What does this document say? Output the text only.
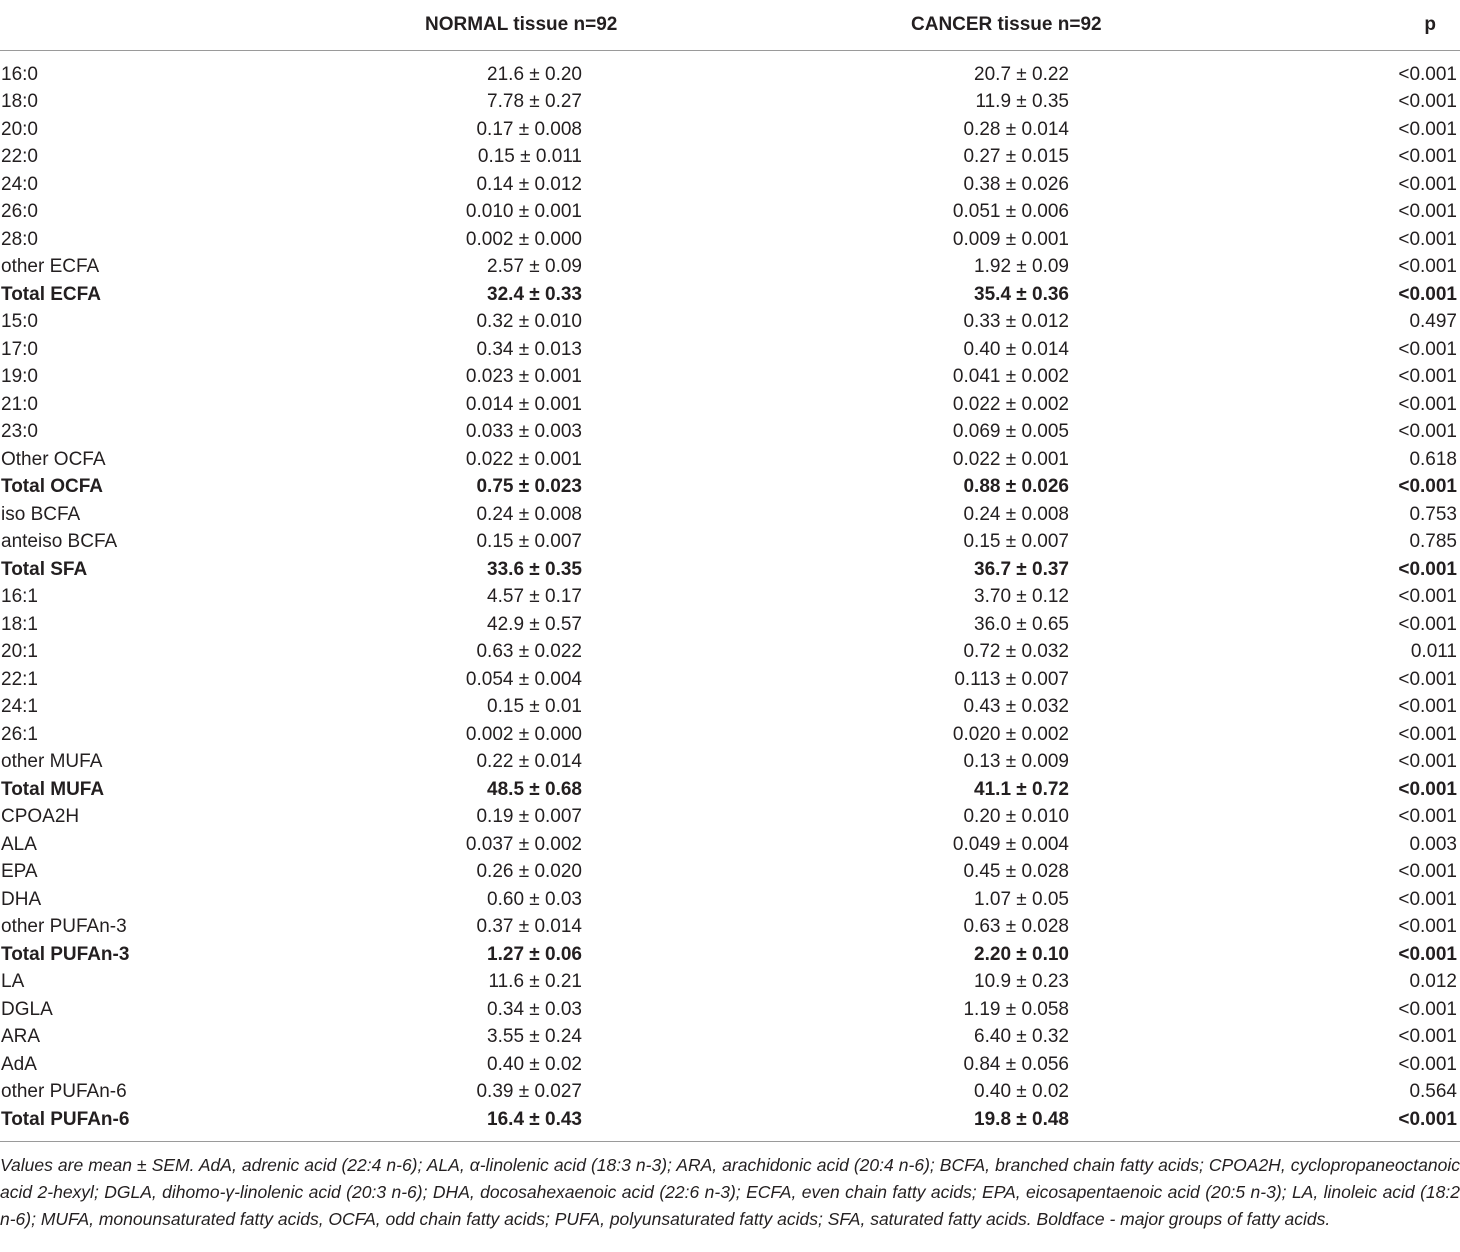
	NORMAL tissue n=92	CANCER tissue n=92	p
16:0	21.6 ± 0.20	20.7 ± 0.22	<0.001
18:0	7.78 ± 0.27	11.9 ± 0.35	<0.001
20:0	0.17 ± 0.008	0.28 ± 0.014	<0.001
22:0	0.15 ± 0.011	0.27 ± 0.015	<0.001
24:0	0.14 ± 0.012	0.38 ± 0.026	<0.001
26:0	0.010 ± 0.001	0.051 ± 0.006	<0.001
28:0	0.002 ± 0.000	0.009 ± 0.001	<0.001
other ECFA	2.57 ± 0.09	1.92 ± 0.09	<0.001
Total ECFA	32.4 ± 0.33	35.4 ± 0.36	<0.001
15:0	0.32 ± 0.010	0.33 ± 0.012	0.497
17:0	0.34 ± 0.013	0.40 ± 0.014	<0.001
19:0	0.023 ± 0.001	0.041 ± 0.002	<0.001
21:0	0.014 ± 0.001	0.022 ± 0.002	<0.001
23:0	0.033 ± 0.003	0.069 ± 0.005	<0.001
Other OCFA	0.022 ± 0.001	0.022 ± 0.001	0.618
Total OCFA	0.75 ± 0.023	0.88 ± 0.026	<0.001
iso BCFA	0.24 ± 0.008	0.24 ± 0.008	0.753
anteiso BCFA	0.15 ± 0.007	0.15 ± 0.007	0.785
Total SFA	33.6 ± 0.35	36.7 ± 0.37	<0.001
16:1	4.57 ± 0.17	3.70 ± 0.12	<0.001
18:1	42.9 ± 0.57	36.0 ± 0.65	<0.001
20:1	0.63 ± 0.022	0.72 ± 0.032	0.011
22:1	0.054 ± 0.004	0.113 ± 0.007	<0.001
24:1	0.15 ± 0.01	0.43 ± 0.032	<0.001
26:1	0.002 ± 0.000	0.020 ± 0.002	<0.001
other MUFA	0.22 ± 0.014	0.13 ± 0.009	<0.001
Total MUFA	48.5 ± 0.68	41.1 ± 0.72	<0.001
CPOA2H	0.19 ± 0.007	0.20 ± 0.010	<0.001
ALA	0.037 ± 0.002	0.049 ± 0.004	0.003
EPA	0.26 ± 0.020	0.45 ± 0.028	<0.001
DHA	0.60 ± 0.03	1.07 ± 0.05	<0.001
other PUFAn-3	0.37 ± 0.014	0.63 ± 0.028	<0.001
Total PUFAn-3	1.27 ± 0.06	2.20 ± 0.10	<0.001
LA	11.6 ± 0.21	10.9 ± 0.23	0.012
DGLA	0.34 ± 0.03	1.19 ± 0.058	<0.001
ARA	3.55 ± 0.24	6.40 ± 0.32	<0.001
AdA	0.40 ± 0.02	0.84 ± 0.056	<0.001
other PUFAn-6	0.39 ± 0.027	0.40 ± 0.02	0.564
Total PUFAn-6	16.4 ± 0.43	19.8 ± 0.48	<0.001
Values are mean ± SEM. AdA, adrenic acid (22:4 n-6); ALA, α-linolenic acid (18:3 n-3); ARA, arachidonic acid (20:4 n-6); BCFA, branched chain fatty acids; CPOA2H, cyclopropaneoctanoic acid 2-hexyl; DGLA, dihomo-γ-linolenic acid (20:3 n-6); DHA, docosahexaenoic acid (22:6 n-3); ECFA, even chain fatty acids; EPA, eicosapentaenoic acid (20:5 n-3); LA, linoleic acid (18:2 n-6); MUFA, monounsaturated fatty acids, OCFA, odd chain fatty acids; PUFA, polyunsaturated fatty acids; SFA, saturated fatty acids. Boldface - major groups of fatty acids.
